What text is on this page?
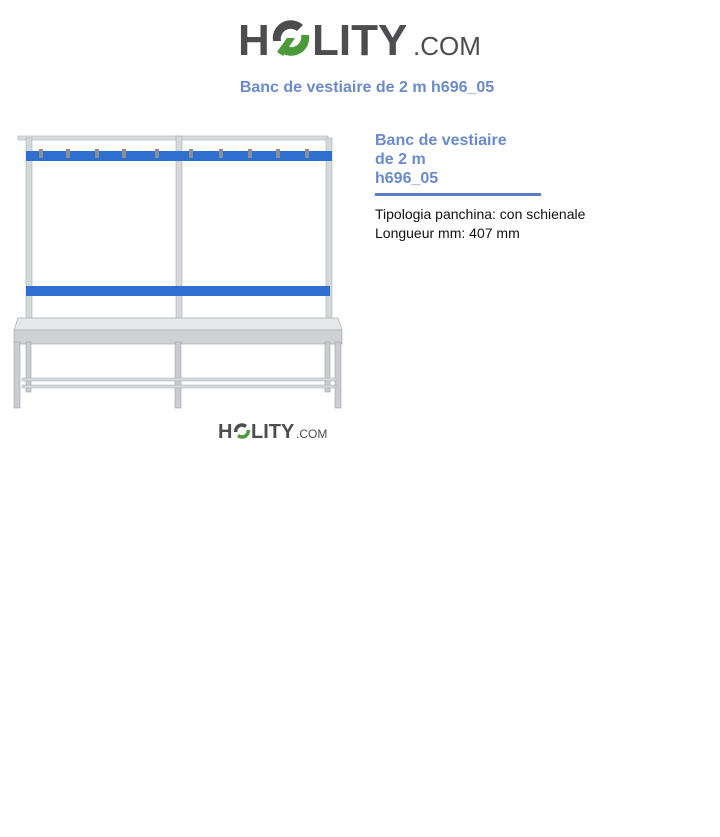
H LITY .COM
Banc de vestiaire de 2 m h696_05
H LITY .COM
Banc de vestiaire
de 2 m
h696_05
Tipologia panchina: con schienale
Longueur mm: 407 mm
